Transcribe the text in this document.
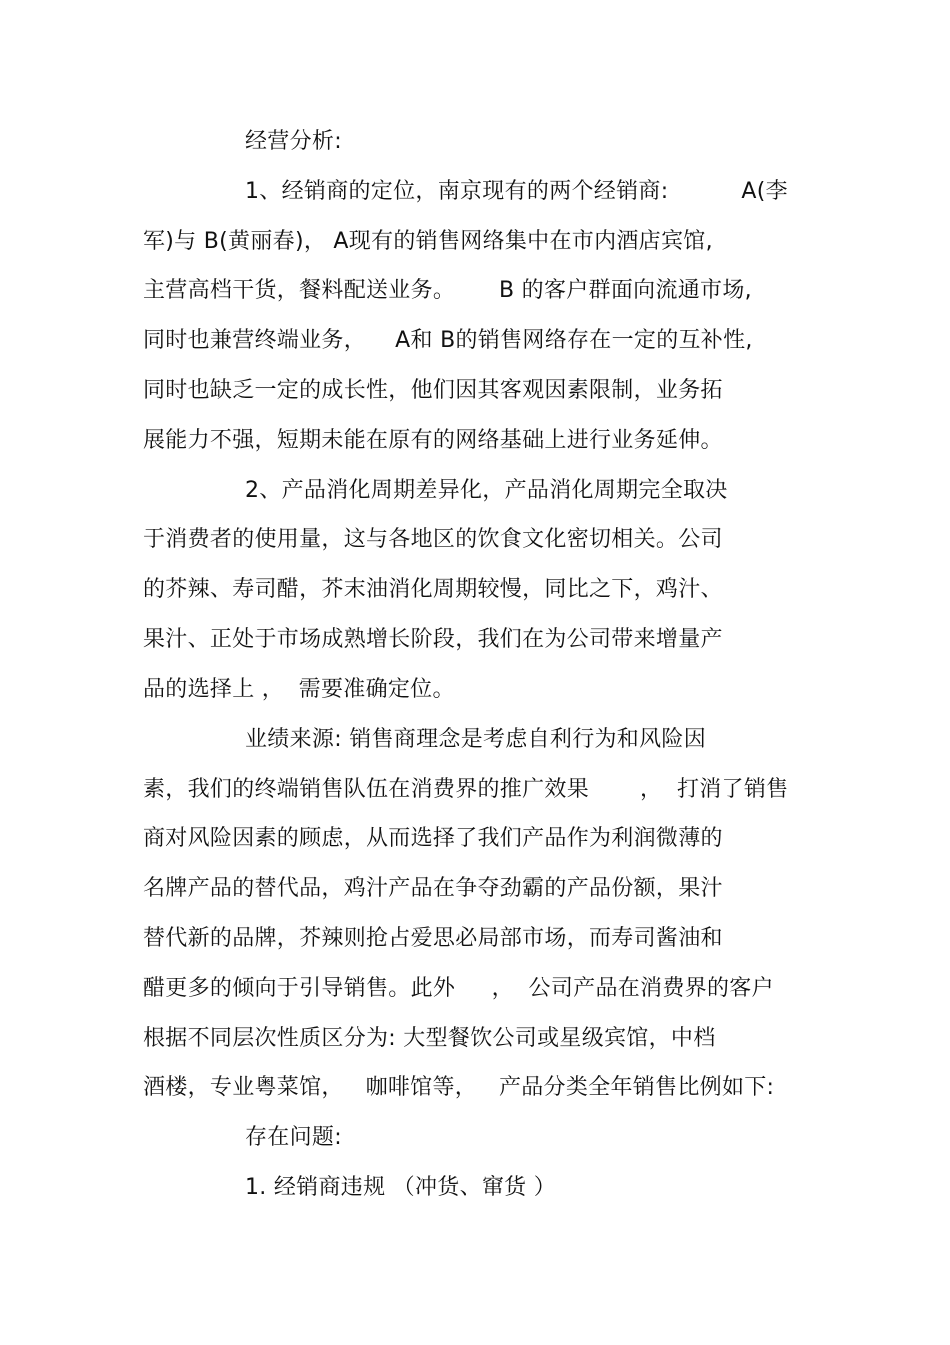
经营分析:
1、经销商的定位，南京现有的两个经销商:          A(李
军)与 B(黄丽春)， A现有的销售网络集中在市内酒店宾馆,
主营高档干货，餐料配送业务。      B 的客户群面向流通市场,
同时也兼营终端业务，    A和 B的销售网络存在一定的互补性,
同时也缺乏一定的成长性，他们因其客观因素限制，业务拓
展能力不强，短期未能在原有的网络基础上进行业务延伸。
2、产品消化周期差异化，产品消化周期完全取决
于消费者的使用量，这与各地区的饮食文化密切相关。公司
的芥辣、寿司醋，芥末油消化周期较慢，同比之下，鸡汁、
果汁、正处于市场成熟增长阶段，我们在为公司带来增量产
品的选择上 ，  需要准确定位。
业绩来源: 销售商理念是考虑自利行为和风险因
素，我们的终端销售队伍在消费界的推广效果       ，  打消了销售
商对风险因素的顾虑，从而选择了我们产品作为利润微薄的
名牌产品的替代品，鸡汁产品在争夺劲霸的产品份额，果汁
替代新的品牌，芥辣则抢占爱思必局部市场，而寿司酱油和
醋更多的倾向于引导销售。此外     ，  公司产品在消费界的客户
根据不同层次性质区分为: 大型餐饮公司或星级宾馆，中档
酒楼，专业粤菜馆，   咖啡馆等，   产品分类全年销售比例如下:
存在问题:
1. 经销商违规 （冲货、窜货 ）
